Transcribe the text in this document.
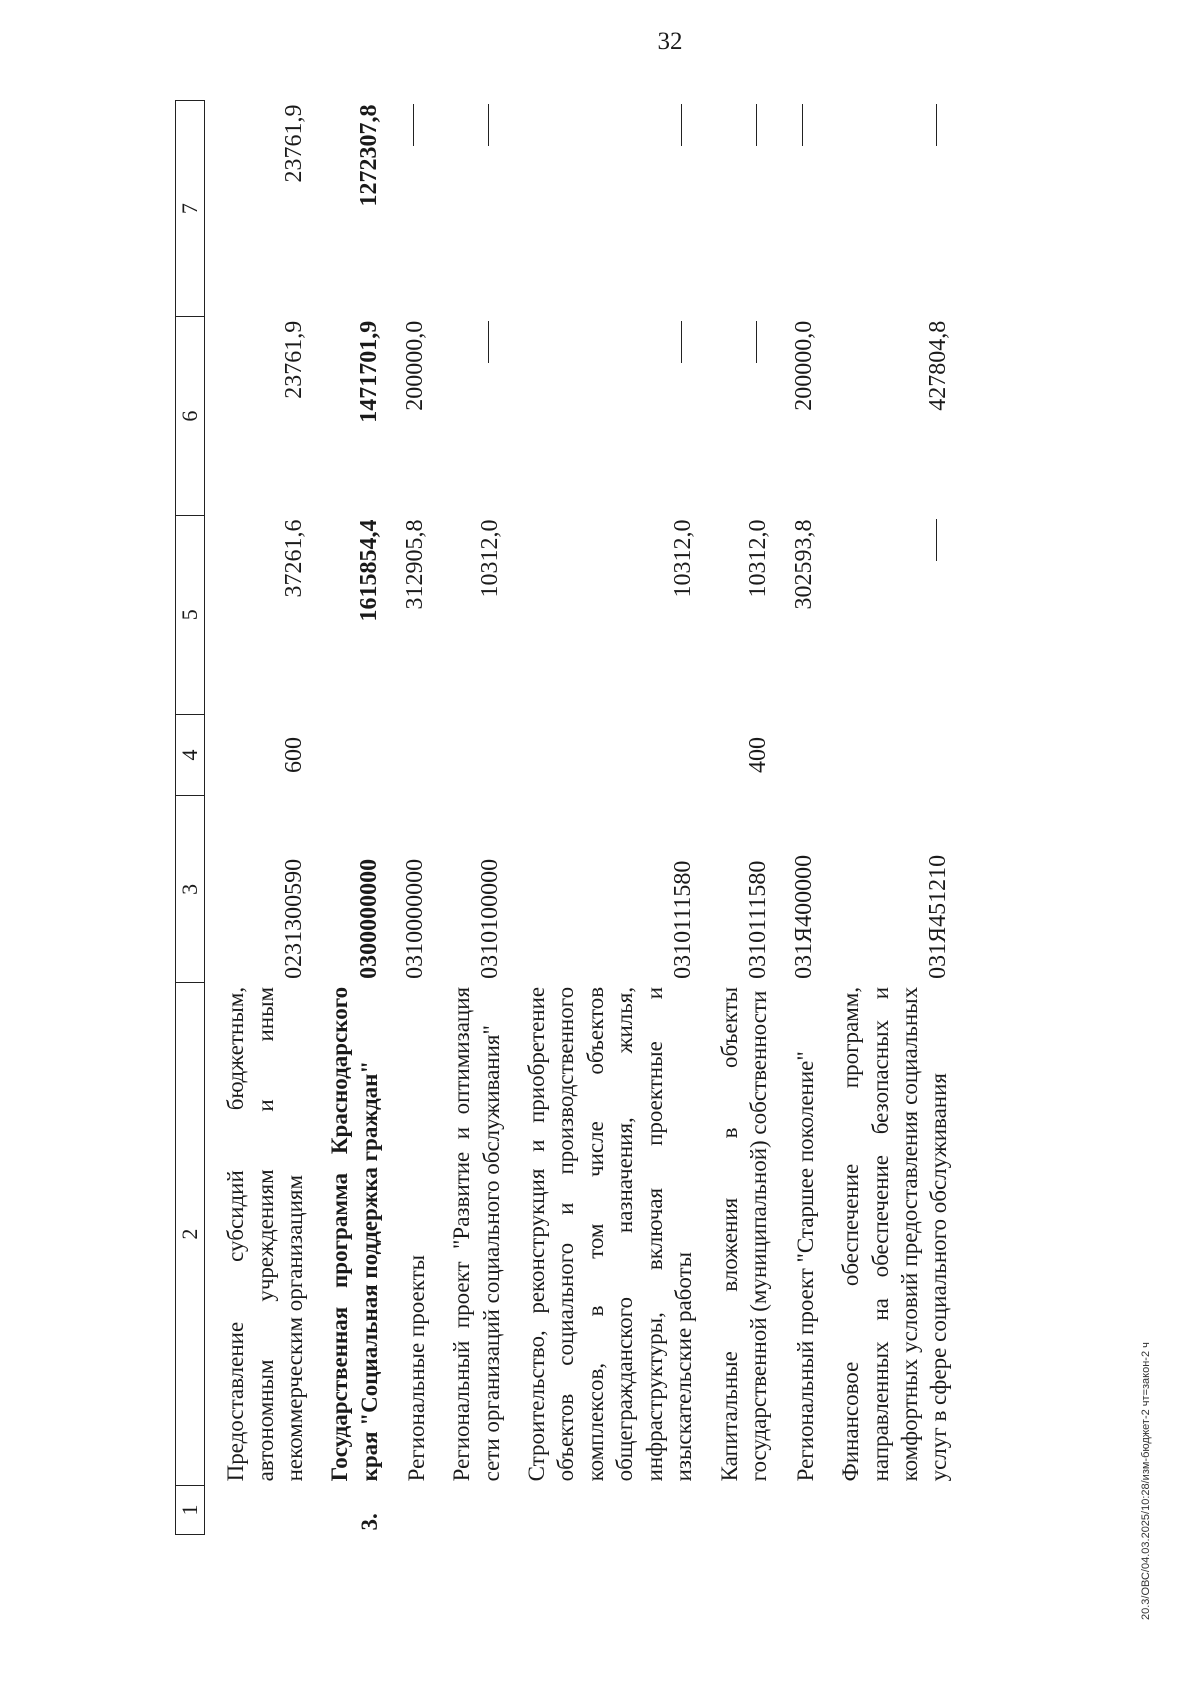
32
20.3/ОВС/04.03.2025/10:28/изм-бюджет-2 чт=закон-2 ч
1	2	3	4	5	6	7
	Предоставление субсидий бюджетным, автономным учреждениям и иным некоммерческим организациям	0231300590	600	37261,6	23761,9	23761,9
3.	Государственная программа Краснодарского края "Социальная поддержка граждан"	0300000000		1615854,4	1471701,9	1272307,8
	Региональные проекты	0310000000		312905,8	200000,0	
	Региональный проект "Развитие и оптимизация сети организаций социального обслуживания"	0310100000		10312,0		
	Строительство, реконструкция и приобретение объектов социального и производственного комплексов, в том числе объектов общегражданского назначения, жилья, инфраструктуры, включая проектные и изыскательские работы	0310111580		10312,0		
	Капитальные вложения в объекты государственной (муниципальной) собственности	0310111580	400	10312,0		
	Региональный проект "Старшее поколение"	031Я400000		302593,8	200000,0	
	Финансовое обеспечение программ, направленных на обеспечение безопасных и комфортных условий предоставления социальных услуг в сфере социального обслуживания	031Я451210			427804,8	
